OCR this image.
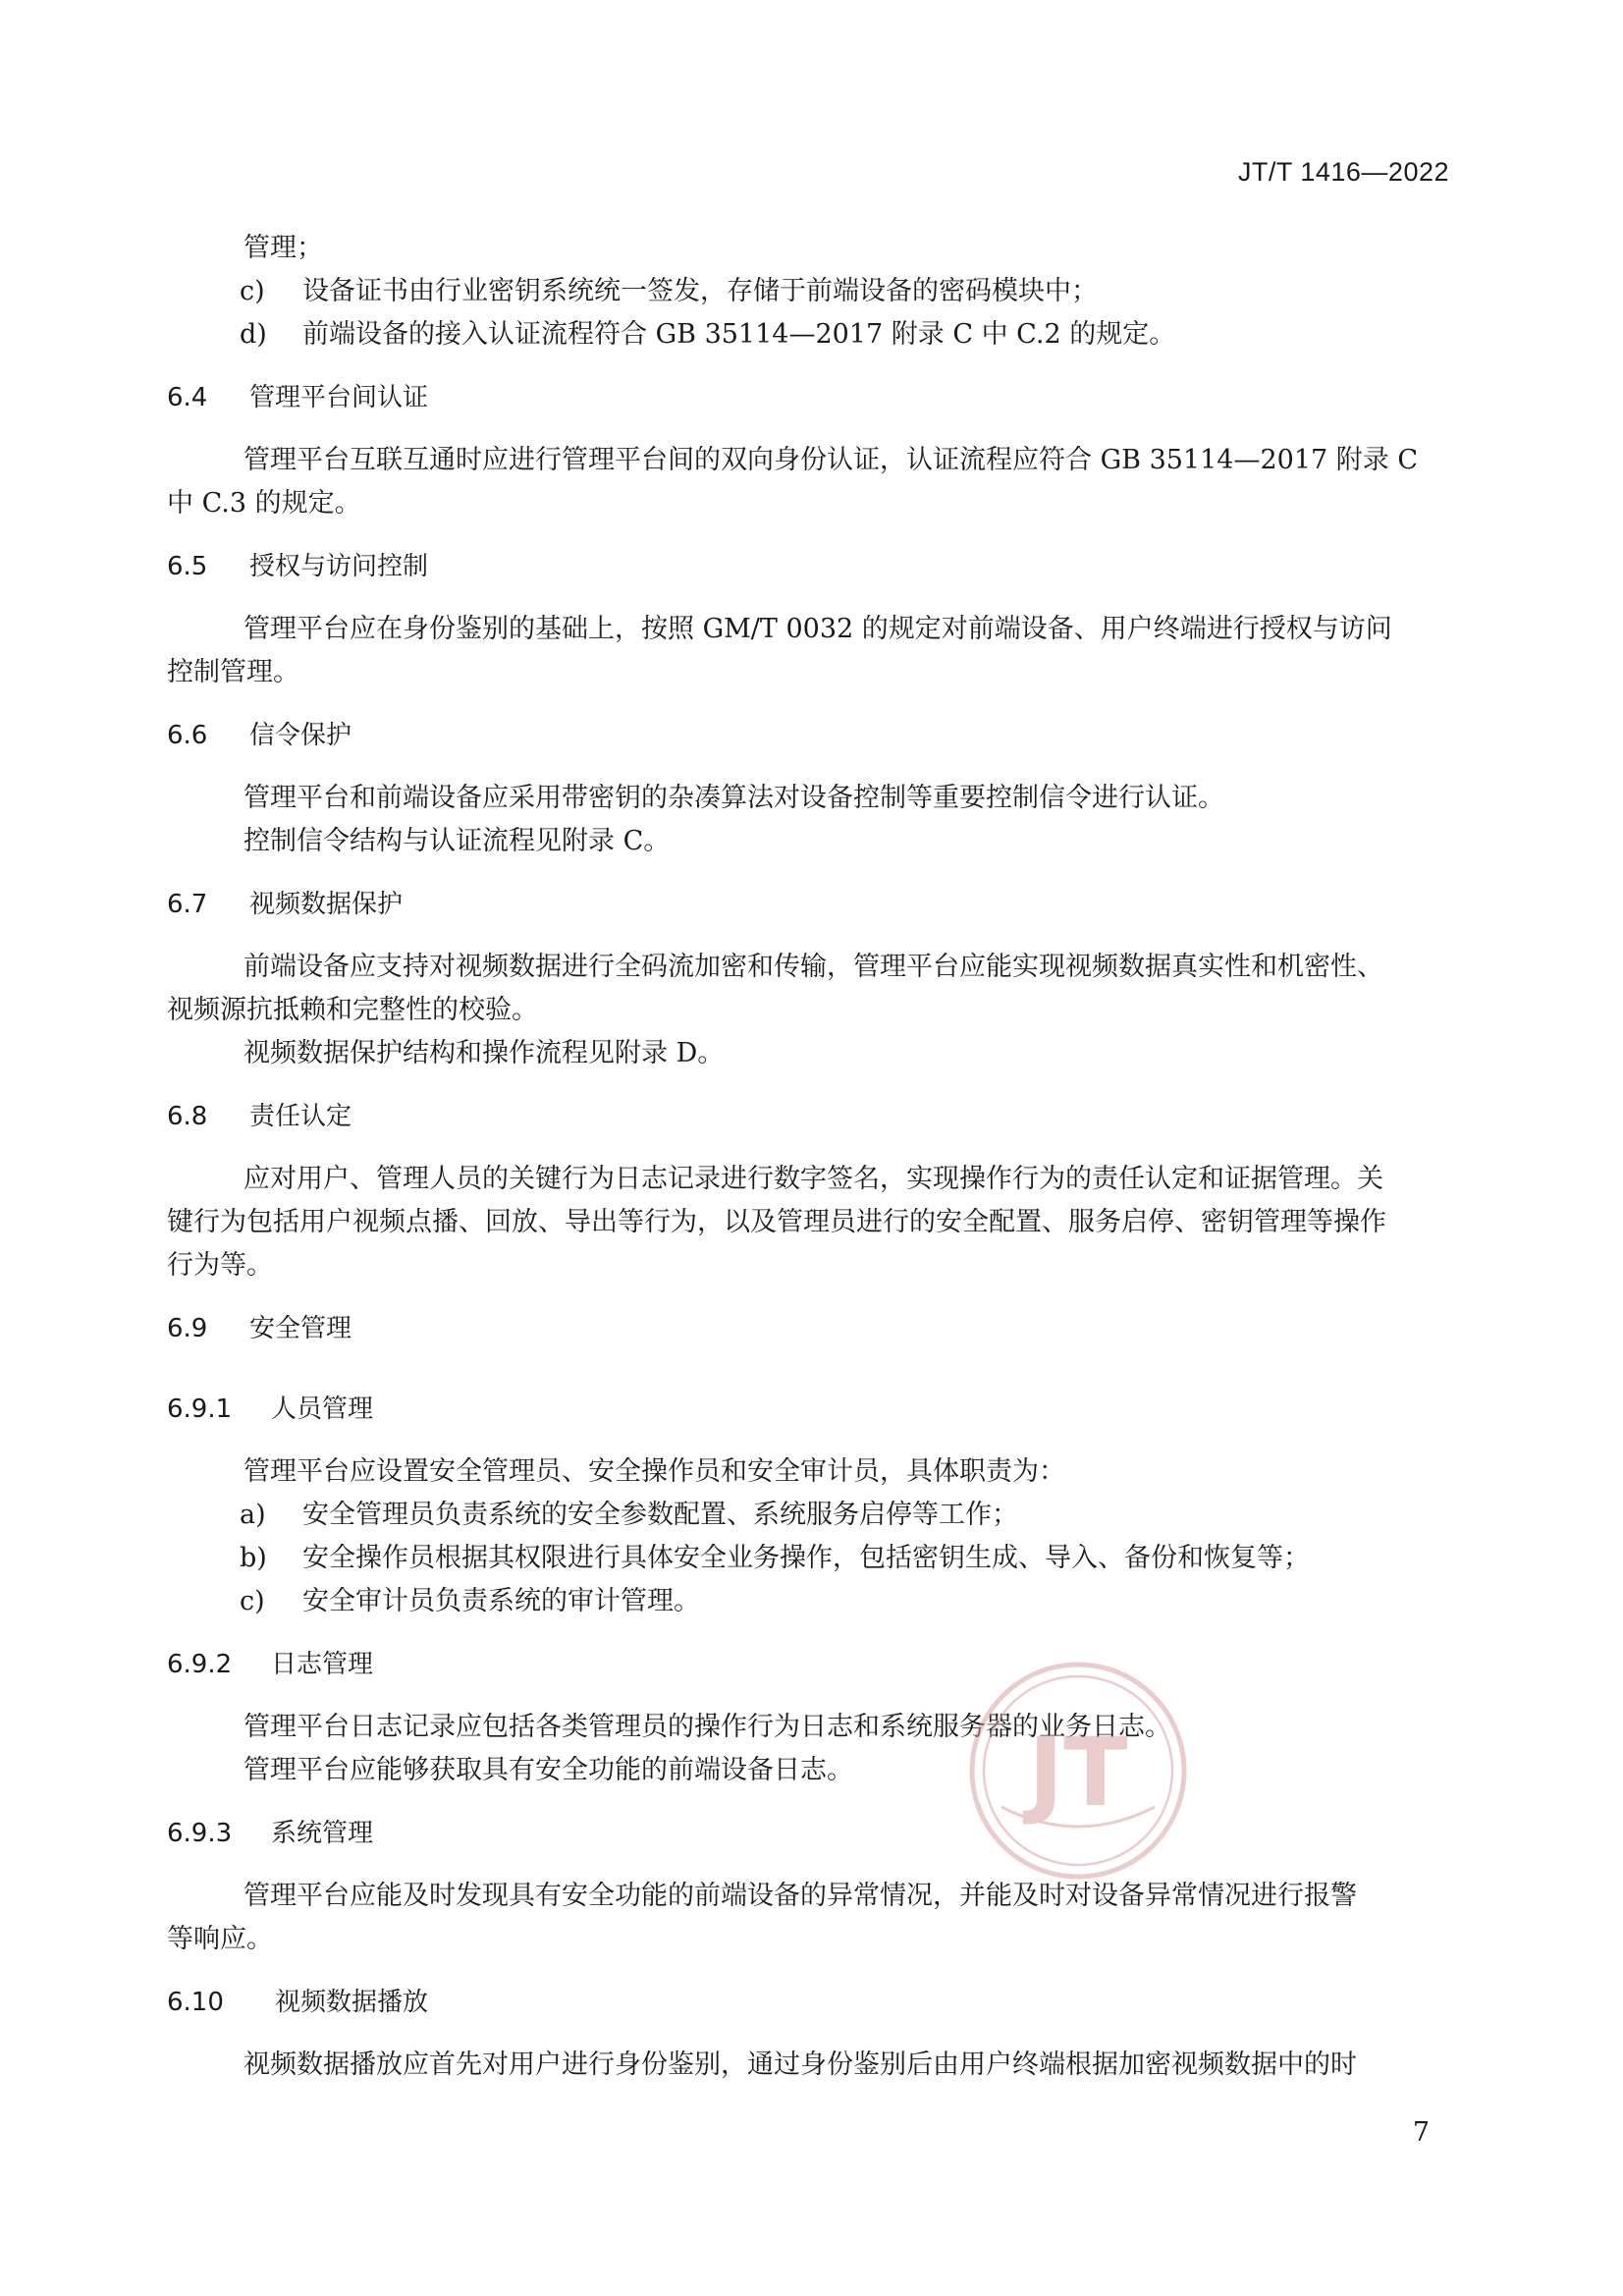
JT/T 1416—2022
管理；
c) 设备证书由行业密钥系统统一签发，存储于前端设备的密码模块中；
d) 前端设备的接入认证流程符合 GB 35114—2017 附录 C 中 C.2 的规定。
6.4 管理平台间认证
管理平台互联互通时应进行管理平台间的双向身份认证，认证流程应符合 GB 35114—2017 附录 C
中 C.3 的规定。
6.5 授权与访问控制
管理平台应在身份鉴别的基础上，按照 GM/T 0032 的规定对前端设备、用户终端进行授权与访问
控制管理。
6.6 信令保护
管理平台和前端设备应采用带密钥的杂凑算法对设备控制等重要控制信令进行认证。
控制信令结构与认证流程见附录 C。
6.7 视频数据保护
前端设备应支持对视频数据进行全码流加密和传输，管理平台应能实现视频数据真实性和机密性、
视频源抗抵赖和完整性的校验。
视频数据保护结构和操作流程见附录 D。
6.8 责任认定
应对用户、管理人员的关键行为日志记录进行数字签名，实现操作行为的责任认定和证据管理。关
键行为包括用户视频点播、回放、导出等行为，以及管理员进行的安全配置、服务启停、密钥管理等操作
行为等。
6.9 安全管理
6.9.1 人员管理
管理平台应设置安全管理员、安全操作员和安全审计员，具体职责为：
a) 安全管理员负责系统的安全参数配置、系统服务启停等工作；
b) 安全操作员根据其权限进行具体安全业务操作，包括密钥生成、导入、备份和恢复等；
c) 安全审计员负责系统的审计管理。
6.9.2 日志管理
管理平台日志记录应包括各类管理员的操作行为日志和系统服务器的业务日志。
管理平台应能够获取具有安全功能的前端设备日志。
6.9.3 系统管理
管理平台应能及时发现具有安全功能的前端设备的异常情况，并能及时对设备异常情况进行报警
等响应。
6.10 视频数据播放
视频数据播放应首先对用户进行身份鉴别，通过身份鉴别后由用户终端根据加密视频数据中的时
JT
7
